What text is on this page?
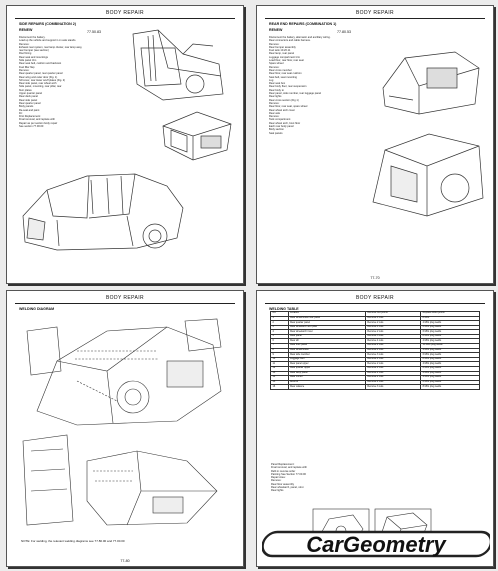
BODY REPAIR
SIDE REPAIRS (COMBINATION 2)
RENEW	77.50.83
Disconnect the battery.
Load up the vehicle and support it on axle stands.
Remove:
Exhaust rear system, rear lamp cluster, rear lamp assy,
rear bumper (see section)
Roof lining
Rear seat and mountings
Side panel trim
Rear seat belt, cushion and backrest
Fuel filler flap
Remove:
Rear quarter panel, rear quarter panel
Rear wing and outer door (Fig. 1)
Sill cover, rear lower scuff plates (Fig. 2)
Rear side panel, rear wheel arch
Side panel, mounting, rear pillar, rear
floor plates
Upper quarter panel
Rear deck panel
Rear side panel
Rear quarter panel
Body panels
Re-seal and paint
Fit:
First Replacement:
Final removal, and replace with
Repair as per section body repair
See section 77.00.00
BODY REPAIR
REAR END REPAIRS (COMBINATION 1)
RENEW	77.80.53
Disconnect the battery, alternator and ancillary wiring.
Rear connectors and cable harness.
Remove:
Rear bumper assembly
Fuel tank 10.20.11
Rear lamp, rear panel
Luggage compartment trim
Load floor, rear floor, rear seat
Spare wheel
Remove:
Rear cross member
Rear floor, rear seat cushion
Seat belt, seat mounting
Lug
Rear seat box
Rear body floor, rear suspension
Rear body to
Rear panel, side member, rear luggage panel
Rear lights
Rear cross section (Fig 1)
Remove:
Rear floor, rear seat, spare wheel
Rear wheel arch cover
Rear axle
Remove:
Tank compartment
Rear wheel arch, boot floor
Each rear body panel
Body section
Seal panels
77-70
BODY REPAIR
WELDING DIAGRAM
NOTE: For welding, the relevant welding diagrams see 77.80.00 and 77.00.00
77-80
BODY REPAIR
WELDING TABLE
No.	Location	Remove Cut points	Replace Weld points
1	Rear wheelhouse rear panel	Remove 4 cuts	8 MIG
2	Rear quarter panel	Remove 2 cuts	4 MIG plug welds
3	Rear wheelarch and pillar	Remove 4 cuts	6 MIG plug welds
4	Rear wheelarch inner	Remove 2 cuts	6 MIG plug welds
5	Rear panel	Remove 3 cuts	8 MIG plug welds
6	Rear sill	Remove 4 cuts	4 MIG plug welds
7	Rear floor panel	Remove 2 cuts	10 MIG plug welds
8	Rear wheelhouse	Remove 2 cuts	4 MIG plug welds
9	Rear side member	Remove 3 cuts	6 MIG plug welds
10	Luggage floor	Remove 2 cuts	8 MIG plug welds
11	Rear panel upper	Remove 2 cuts	4 MIG plug welds
12	Rear quarter upper	Remove 2 cuts	6 MIG plug welds
13	Rear lamp panel	Remove 2 cuts	2 MIG plug welds
14	Rear corner	Remove 2 cuts	4 MIG plug welds
15	Boot lid	Remove 2 cuts	6 MIG plug welds
16	Rear valance	Remove 3 cuts	8 MIG plug welds
Panel Replacement:
Final removal, and replace with
Refit in reverse order
Painting See Section 77.00.00
Repair Area:
Remove:
Rear floor assembly
Rear wheelarch, panel, strut
Rear lights
CarGeometry
